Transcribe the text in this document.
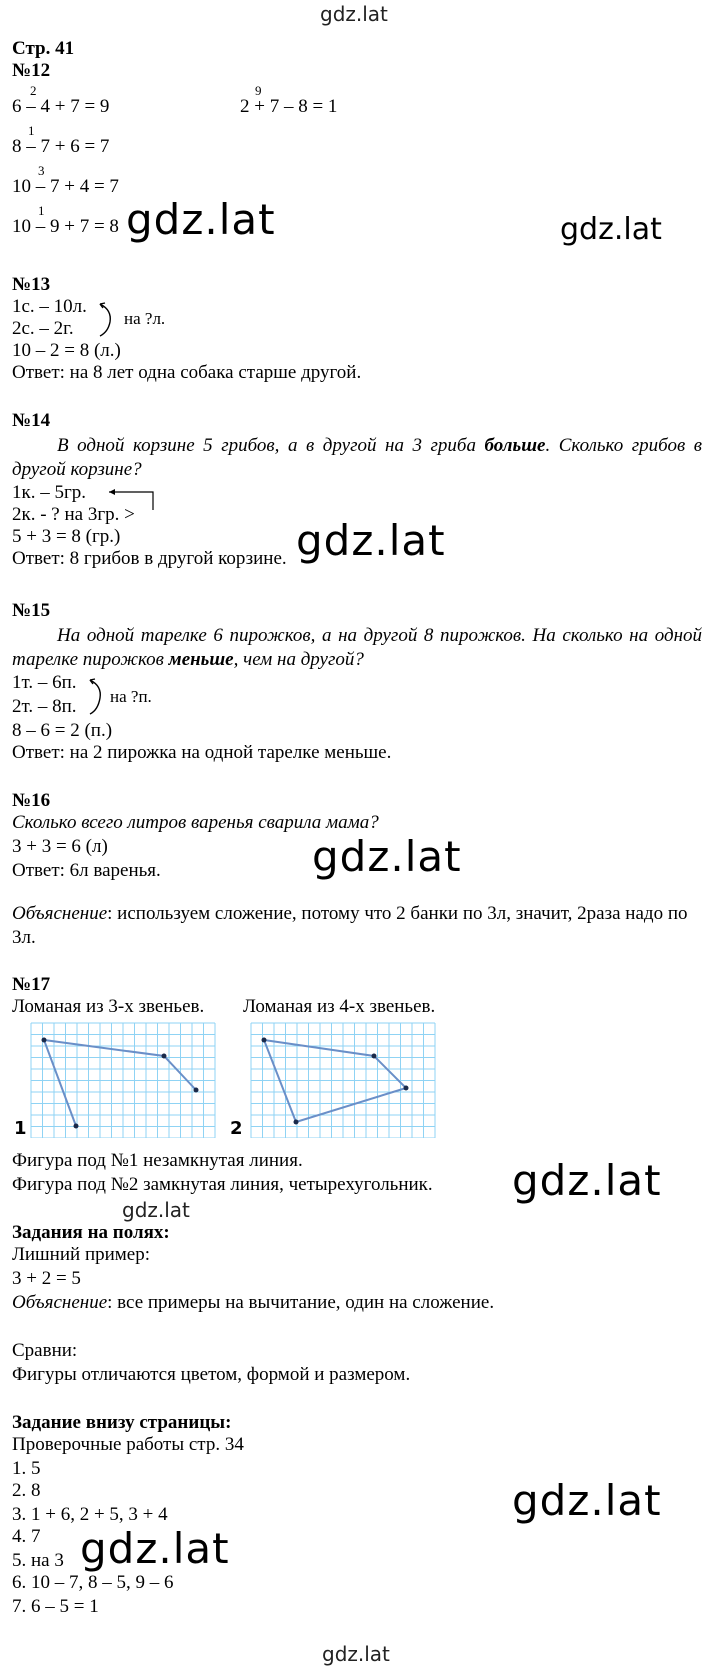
gdz.lat
Стр. 41
№12
2
6 – 4 + 7 = 9
9
2 + 7 – 8 = 1
1
8 – 7 + 6 = 7
3
10 – 7 + 4 = 7
1
10 – 9 + 7 = 8 gdz.lat	gdz.lat
№13
1с. – 10л.
2с. – 2г.	на ?л.
10 – 2 = 8 (л.)
Ответ: на 8 лет одна собака старше другой.
№14
В одной корзине 5 грибов, а в другой на 3 гриба больше. Сколько грибов в другой корзине?
1к. – 5гр.
2к. - ? на 3гр. >
5 + 3 = 8 (гр.)
Ответ: 8 грибов в другой корзине. gdz.lat
№15
На одной тарелке 6 пирожков, а на другой 8 пирожков. На сколько на одной тарелке пирожков меньше, чем на другой?
1т. – 6п.
2т. – 8п. на ?п.
8 – 6 = 2 (п.)
Ответ: на 2 пирожка на одной тарелке меньше.
№16
Сколько всего литров варенья сварила мама?
3 + 3 = 6 (л)
Ответ: 6л варенья.	gdz.lat
Объяснение: используем сложение, потому что 2 банки по 3л, значит, 2раза надо по 3л.
№17
Ломаная из 3-х звеньев. Ломаная из 4-х звеньев.
1	2
Фигура под №1 незамкнутая линия.
Фигура под №2 замкнутая линия, четырехугольник. gdz.lat
gdz.lat
Задания на полях:
Лишний пример:
3 + 2 = 5
Объяснение: все примеры на вычитание, один на сложение.
Сравни:
Фигуры отличаются цветом, формой и размером.
Задание внизу страницы:
Проверочные работы стр. 34
1. 5
2. 8
3. 1 + 6, 2 + 5, 3 + 4
4. 7
5. на 3
6. 10 – 7, 8 – 5, 9 – 6
7. 6 – 5 = 1
gdz.lat
gdz.lat
gdz.lat
